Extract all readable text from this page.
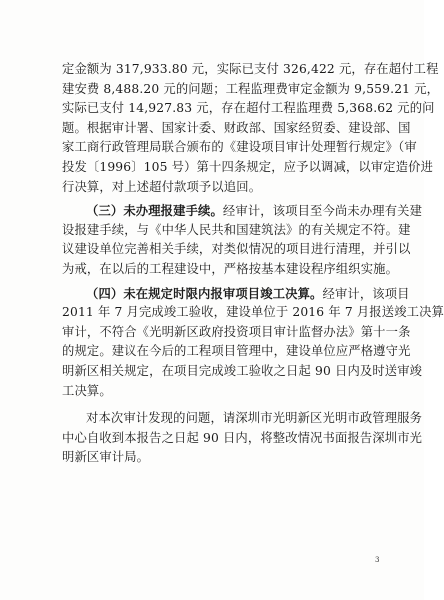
定金额为 317,933.80 元，实际已支付 326,422 元，存在超付工程
建安费 8,488.20 元的问题；工程监理费审定金额为 9,559.21 元，
实际已支付 14,927.83 元，存在超付工程监理费 5,368.62 元的问
题。根据审计署、国家计委、财政部、国家经贸委、建设部、国
家工商行政管理局联合颁布的《建设项目审计处理暂行规定》（审
投发〔1996〕105 号）第十四条规定，应予以调减，以审定造价进
行决算，对上述超付款项予以追回。
（三）未办理报建手续。经审计，该项目至今尚未办理有关建
设报建手续，与《中华人民共和国建筑法》的有关规定不符。建
议建设单位完善相关手续，对类似情况的项目进行清理，并引以
为戒，在以后的工程建设中，严格按基本建设程序组织实施。
（四）未在规定时限内报审项目竣工决算。经审计，该项目
2011 年 7 月完成竣工验收，建设单位于 2016 年 7 月报送竣工决算
审计，不符合《光明新区政府投资项目审计监督办法》第十一条
的规定。建议在今后的工程项目管理中，建设单位应严格遵守光
明新区相关规定，在项目完成竣工验收之日起 90 日内及时送审竣
工决算。
对本次审计发现的问题，请深圳市光明新区光明市政管理服务
中心自收到本报告之日起 90 日内，将整改情况书面报告深圳市光
明新区审计局。
3
